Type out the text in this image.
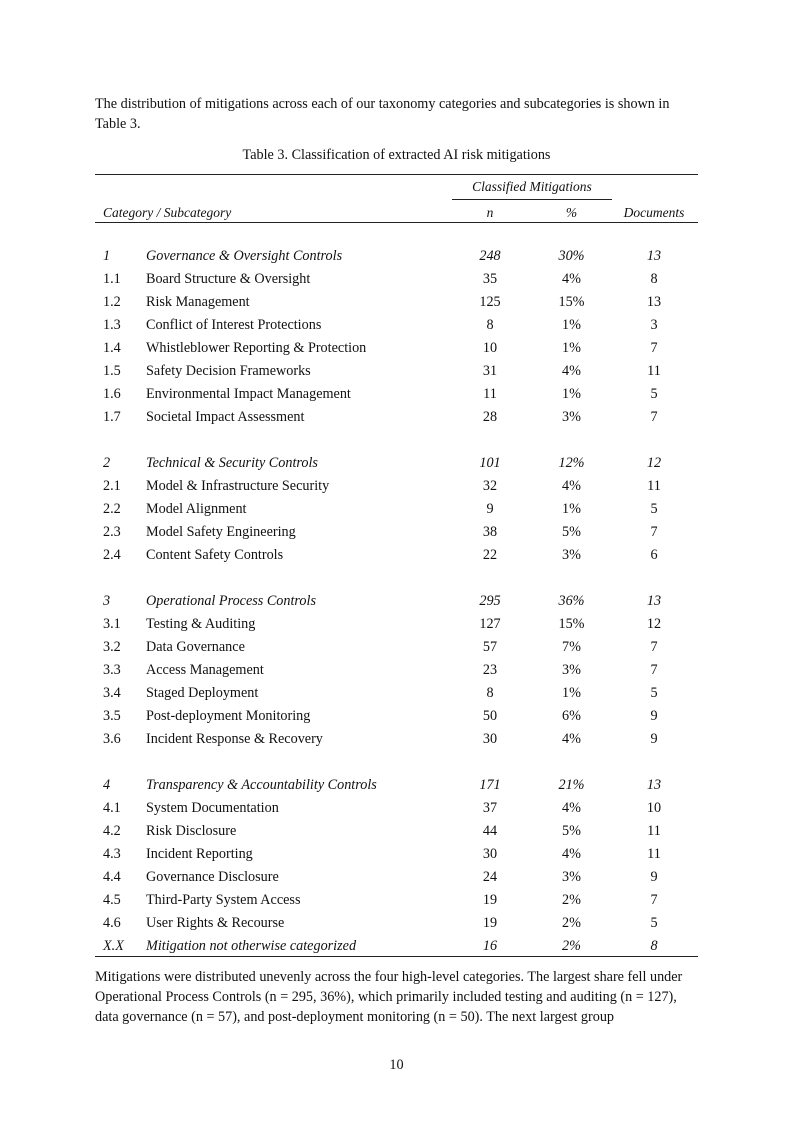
The distribution of mitigations across each of our taxonomy categories and subcategories is shown in Table 3.

Table 3. Classification of extracted AI risk mitigations

Classified Mitigations
Category / Subcategory	n	%	Documents
1	Governance & Oversight Controls	248	30%	13
1.1 Board Structure & Oversight	35	4%	8
1.2 Risk Management	125	15%	13
1.3 Conflict of Interest Protections	8	1%	3
1.4 Whistleblower Reporting & Protection	10	1%	7
1.5 Safety Decision Frameworks	31	4%	11
1.6 Environmental Impact Management	11	1%	5
1.7 Societal Impact Assessment	28	3%	7
2	Technical & Security Controls	101	12%	12
2.1 Model & Infrastructure Security	32	4%	11
2.2 Model Alignment	9	1%	5
2.3 Model Safety Engineering	38	5%	7
2.4 Content Safety Controls	22	3%	6
3	Operational Process Controls	295	36%	13
3.1 Testing & Auditing	127	15%	12
3.2 Data Governance	57	7%	7
3.3 Access Management	23	3%	7
3.4 Staged Deployment	8	1%	5
3.5 Post-deployment Monitoring	50	6%	9
3.6 Incident Response & Recovery	30	4%	9
4	Transparency & Accountability Controls	171	21%	13
4.1 System Documentation	37	4%	10
4.2 Risk Disclosure	44	5%	11
4.3 Incident Reporting	30	4%	11
4.4 Governance Disclosure	24	3%	9
4.5 Third-Party System Access	19	2%	7
4.6 User Rights & Recourse	19	2%	5
X.X Mitigation not otherwise categorized	16	2%	8

Mitigations were distributed unevenly across the four high-level categories. The largest share fell under Operational Process Controls (n = 295, 36%), which primarily included testing and auditing (n = 127), data governance (n = 57), and post-deployment monitoring (n = 50). The next largest group

10
